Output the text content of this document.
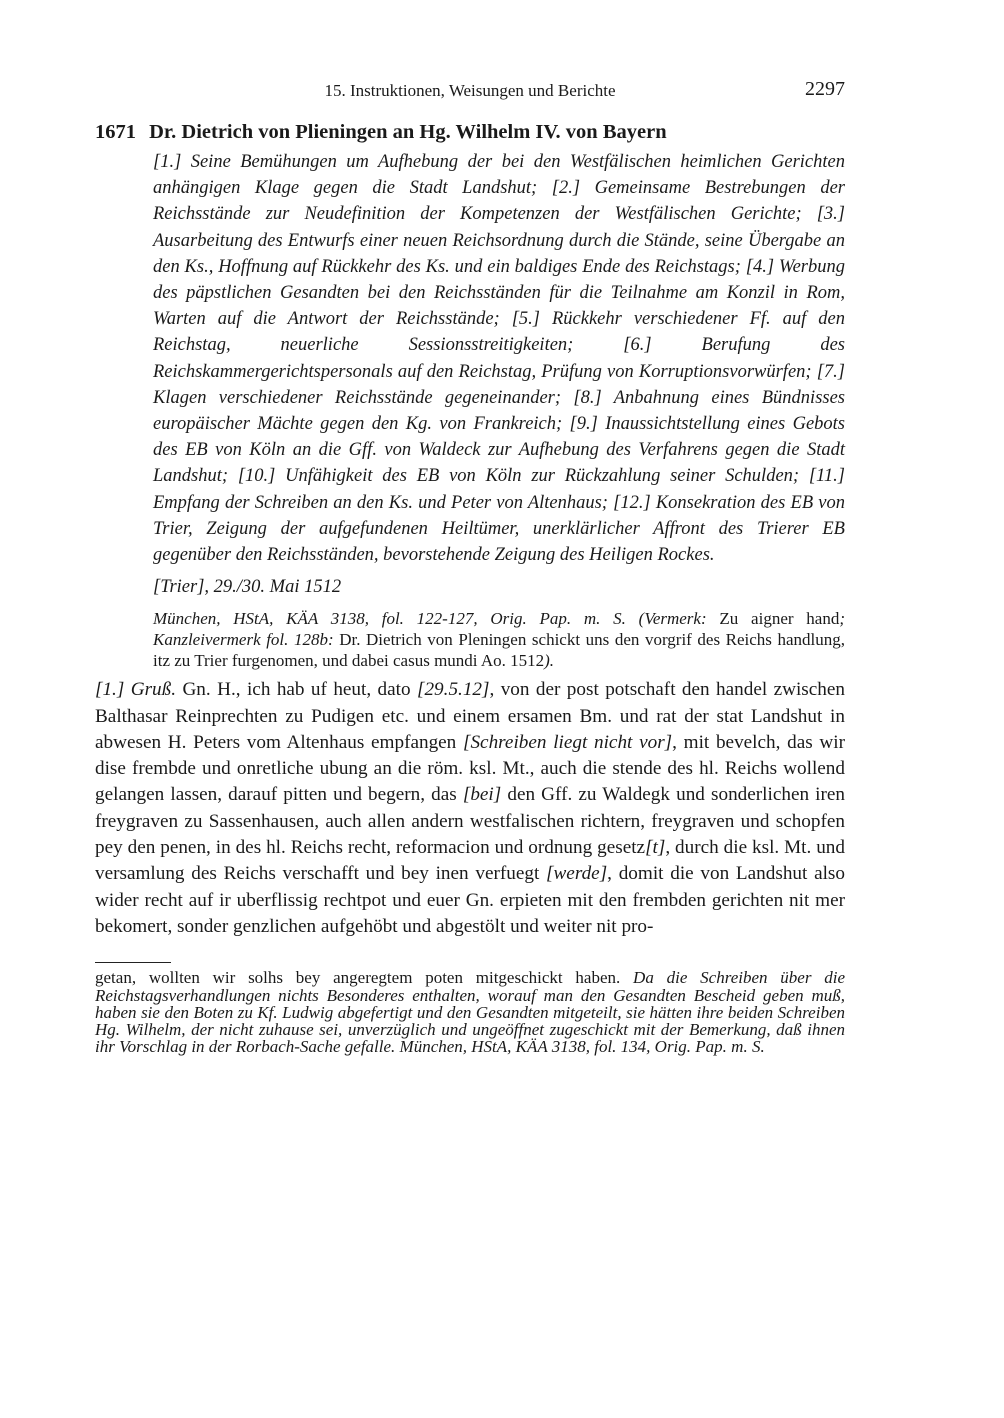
15. Instruktionen, Weisungen und Berichte	2297
1671 Dr. Dietrich von Plieningen an Hg. Wilhelm IV. von Bayern
[1.] Seine Bemühungen um Aufhebung der bei den Westfälischen heimlichen Gerichten anhängigen Klage gegen die Stadt Landshut; [2.] Gemeinsame Bestrebungen der Reichsstände zur Neudefinition der Kompetenzen der Westfälischen Gerichte; [3.] Ausarbeitung des Entwurfs einer neuen Reichsordnung durch die Stände, seine Übergabe an den Ks., Hoffnung auf Rückkehr des Ks. und ein baldiges Ende des Reichstags; [4.] Werbung des päpstlichen Gesandten bei den Reichsständen für die Teilnahme am Konzil in Rom, Warten auf die Antwort der Reichsstände; [5.] Rückkehr verschiedener Ff. auf den Reichstag, neuerliche Sessionsstreitigkeiten; [6.] Berufung des Reichskammergerichtspersonals auf den Reichstag, Prüfung von Korruptionsvorwürfen; [7.] Klagen verschiedener Reichsstände gegeneinander; [8.] Anbahnung eines Bündnisses europäischer Mächte gegen den Kg. von Frankreich; [9.] Inaussichtstellung eines Gebots des EB von Köln an die Gff. von Waldeck zur Aufhebung des Verfahrens gegen die Stadt Landshut; [10.] Unfähigkeit des EB von Köln zur Rückzahlung seiner Schulden; [11.] Empfang der Schreiben an den Ks. und Peter von Altenhaus; [12.] Konsekration des EB von Trier, Zeigung der aufgefundenen Heiltümer, unerklärlicher Affront des Trierer EB gegenüber den Reichsständen, bevorstehende Zeigung des Heiligen Rockes.
[Trier], 29./30. Mai 1512
München, HStA, KÄA 3138, fol. 122-127, Orig. Pap. m. S. (Vermerk: Zu aigner hand; Kanzleivermerk fol. 128b: Dr. Dietrich von Pleningen schickt uns den vorgrif des Reichs handlung, itz zu Trier furgenomen, und dabei casus mundi Ao. 1512).
[1.] Gruß. Gn. H., ich hab uf heut, dato [29.5.12], von der post potschaft den handel zwischen Balthasar Reinprechten zu Pudigen etc. und einem ersamen Bm. und rat der stat Landshut in abwesen H. Peters vom Altenhaus empfangen [Schreiben liegt nicht vor], mit bevelch, das wir dise frembde und onretliche ubung an die röm. ksl. Mt., auch die stende des hl. Reichs wollend gelangen lassen, darauf pitten und begern, das [bei] den Gff. zu Waldegk und sonderlichen iren freygraven zu Sassenhausen, auch allen andern westfalischen richtern, freygraven und schopfen pey den penen, in des hl. Reichs recht, reformacion und ordnung gesetz[t], durch die ksl. Mt. und versamlung des Reichs verschafft und bey inen verfuegt [werde], domit die von Landshut also wider recht auf ir uberflissig rechtpot und euer Gn. erpieten mit den frembden gerichten nit mer bekomert, sonder genzlichen aufgehöbt und abgestölt und weiter nit pro-
getan, wollten wir solhs bey angeregtem poten mitgeschickt haben. Da die Schreiben über die Reichstagsverhandlungen nichts Besonderes enthalten, worauf man den Gesandten Bescheid geben muß, haben sie den Boten zu Kf. Ludwig abgefertigt und den Gesandten mitgeteilt, sie hätten ihre beiden Schreiben Hg. Wilhelm, der nicht zuhause sei, unverzüglich und ungeöffnet zugeschickt mit der Bemerkung, daß ihnen ihr Vorschlag in der Rorbach-Sache gefalle. München, HStA, KÄA 3138, fol. 134, Orig. Pap. m. S.
